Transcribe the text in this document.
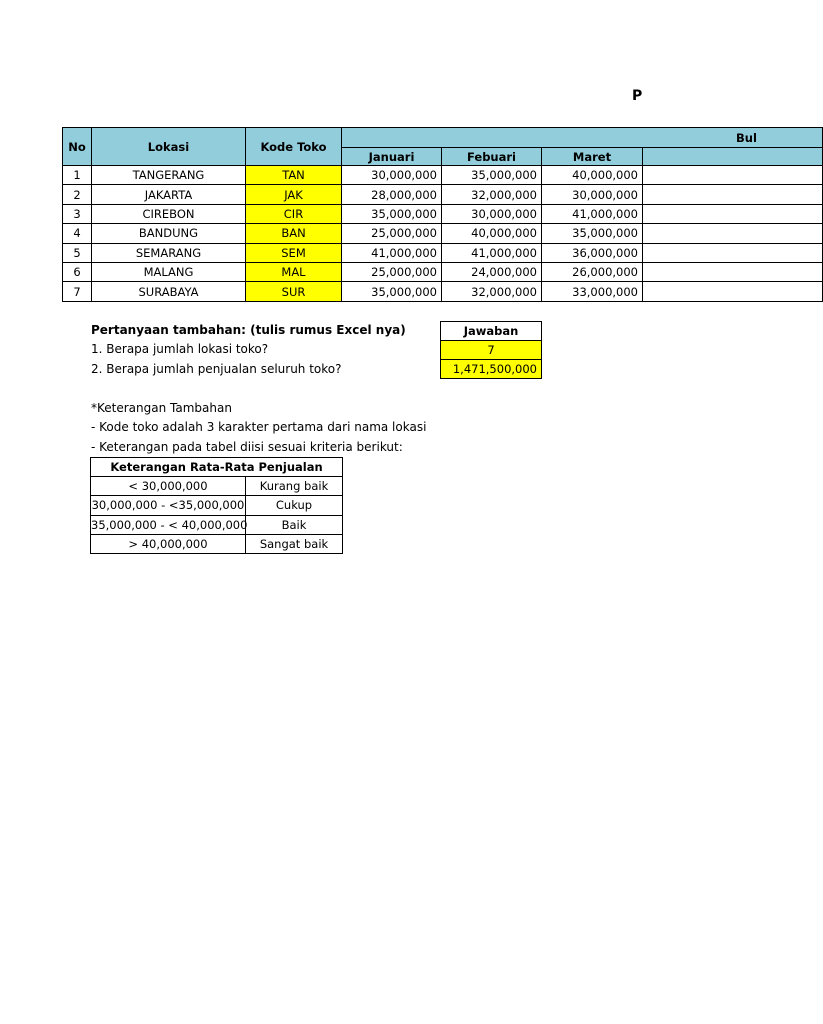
P
No	Lokasi	Kode Toko	Bul			
			Januari	Febuari	Maret	
1	TANGERANG	TAN	30,000,000	35,000,000	40,000,000	
2	JAKARTA	JAK	28,000,000	32,000,000	30,000,000	
3	CIREBON	CIR	35,000,000	30,000,000	41,000,000	
4	BANDUNG	BAN	25,000,000	40,000,000	35,000,000	
5	SEMARANG	SEM	41,000,000	41,000,000	36,000,000	
6	MALANG	MAL	25,000,000	24,000,000	26,000,000	
7	SURABAYA	SUR	35,000,000	32,000,000	33,000,000	
Pertanyaan tambahan: (tulis rumus Excel nya)
1. Berapa jumlah lokasi toko?
2. Berapa jumlah penjualan seluruh toko?
Jawaban
7
1,471,500,000
*Keterangan Tambahan
- Kode toko adalah 3 karakter pertama dari nama lokasi
- Keterangan pada tabel diisi sesuai kriteria berikut:
Keterangan Rata-Rata Penjualan	
< 30,000,000	Kurang baik
30,000,000 - <35,000,000	Cukup
35,000,000 - < 40,000,000	Baik
> 40,000,000	Sangat baik
